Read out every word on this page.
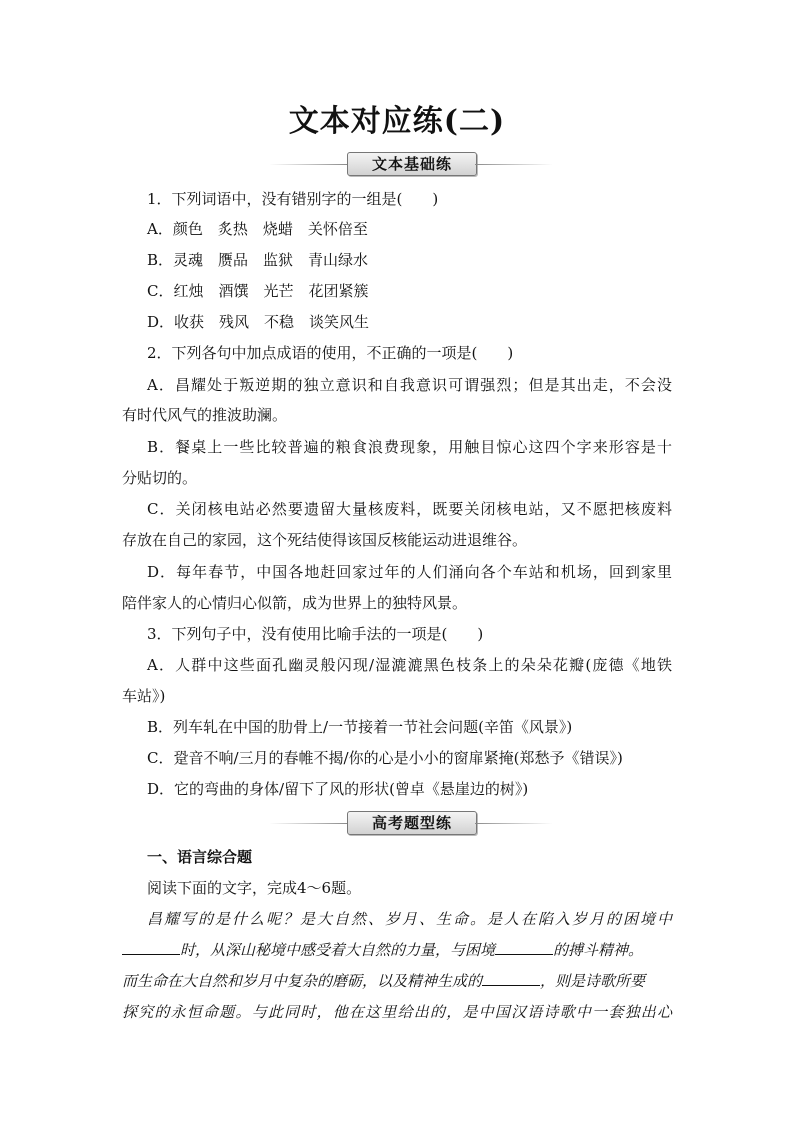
文本对应练(二)
文本基础练
1．下列词语中，没有错别字的一组是(　　)
A．颜色　炙热　烧蜡　关怀倍至
B．灵魂　赝品　监狱　青山绿水
C．红烛　酒馔　光芒　花团紧簇
D．收获　残风　不稳　谈笑风生
2．下列各句中加点成语的使用，不正确的一项是(　　)
A．昌耀处于叛逆期的独立意识和自我意识可谓强烈；但是其出走，不会没
有时代风气的推波助澜。
B．餐桌上一些比较普遍的粮食浪费现象，用触目惊心这四个字来形容是十
分贴切的。
C．关闭核电站必然要遗留大量核废料，既要关闭核电站，又不愿把核废料
存放在自己的家园，这个死结使得该国反核能运动进退维谷。
D．每年春节，中国各地赶回家过年的人们涌向各个车站和机场，回到家里
陪伴家人的心情归心似箭，成为世界上的独特风景。
3．下列句子中，没有使用比喻手法的一项是(　　)
A．人群中这些面孔幽灵般闪现/湿漉漉黑色枝条上的朵朵花瓣(庞德《地铁
车站》)
B．列车轧在中国的肋骨上/一节接着一节社会问题(辛笛《风景》)
C．跫音不响/三月的春帷不揭/你的心是小小的窗扉紧掩(郑愁予《错误》)
D．它的弯曲的身体/留下了风的形状(曾卓《悬崖边的树》)
高考题型练
一、语言综合题
阅读下面的文字，完成4～6题。
昌耀写的是什么呢？是大自然、岁月、生命。是人在陷入岁月的困境中
时，从深山秘境中感受着大自然的力量，与困境	的搏斗精神。
而生命在大自然和岁月中复杂的磨砺，以及精神生成的	，则是诗歌所要
探究的永恒命题。与此同时，他在这里给出的，是中国汉语诗歌中一套独出心
